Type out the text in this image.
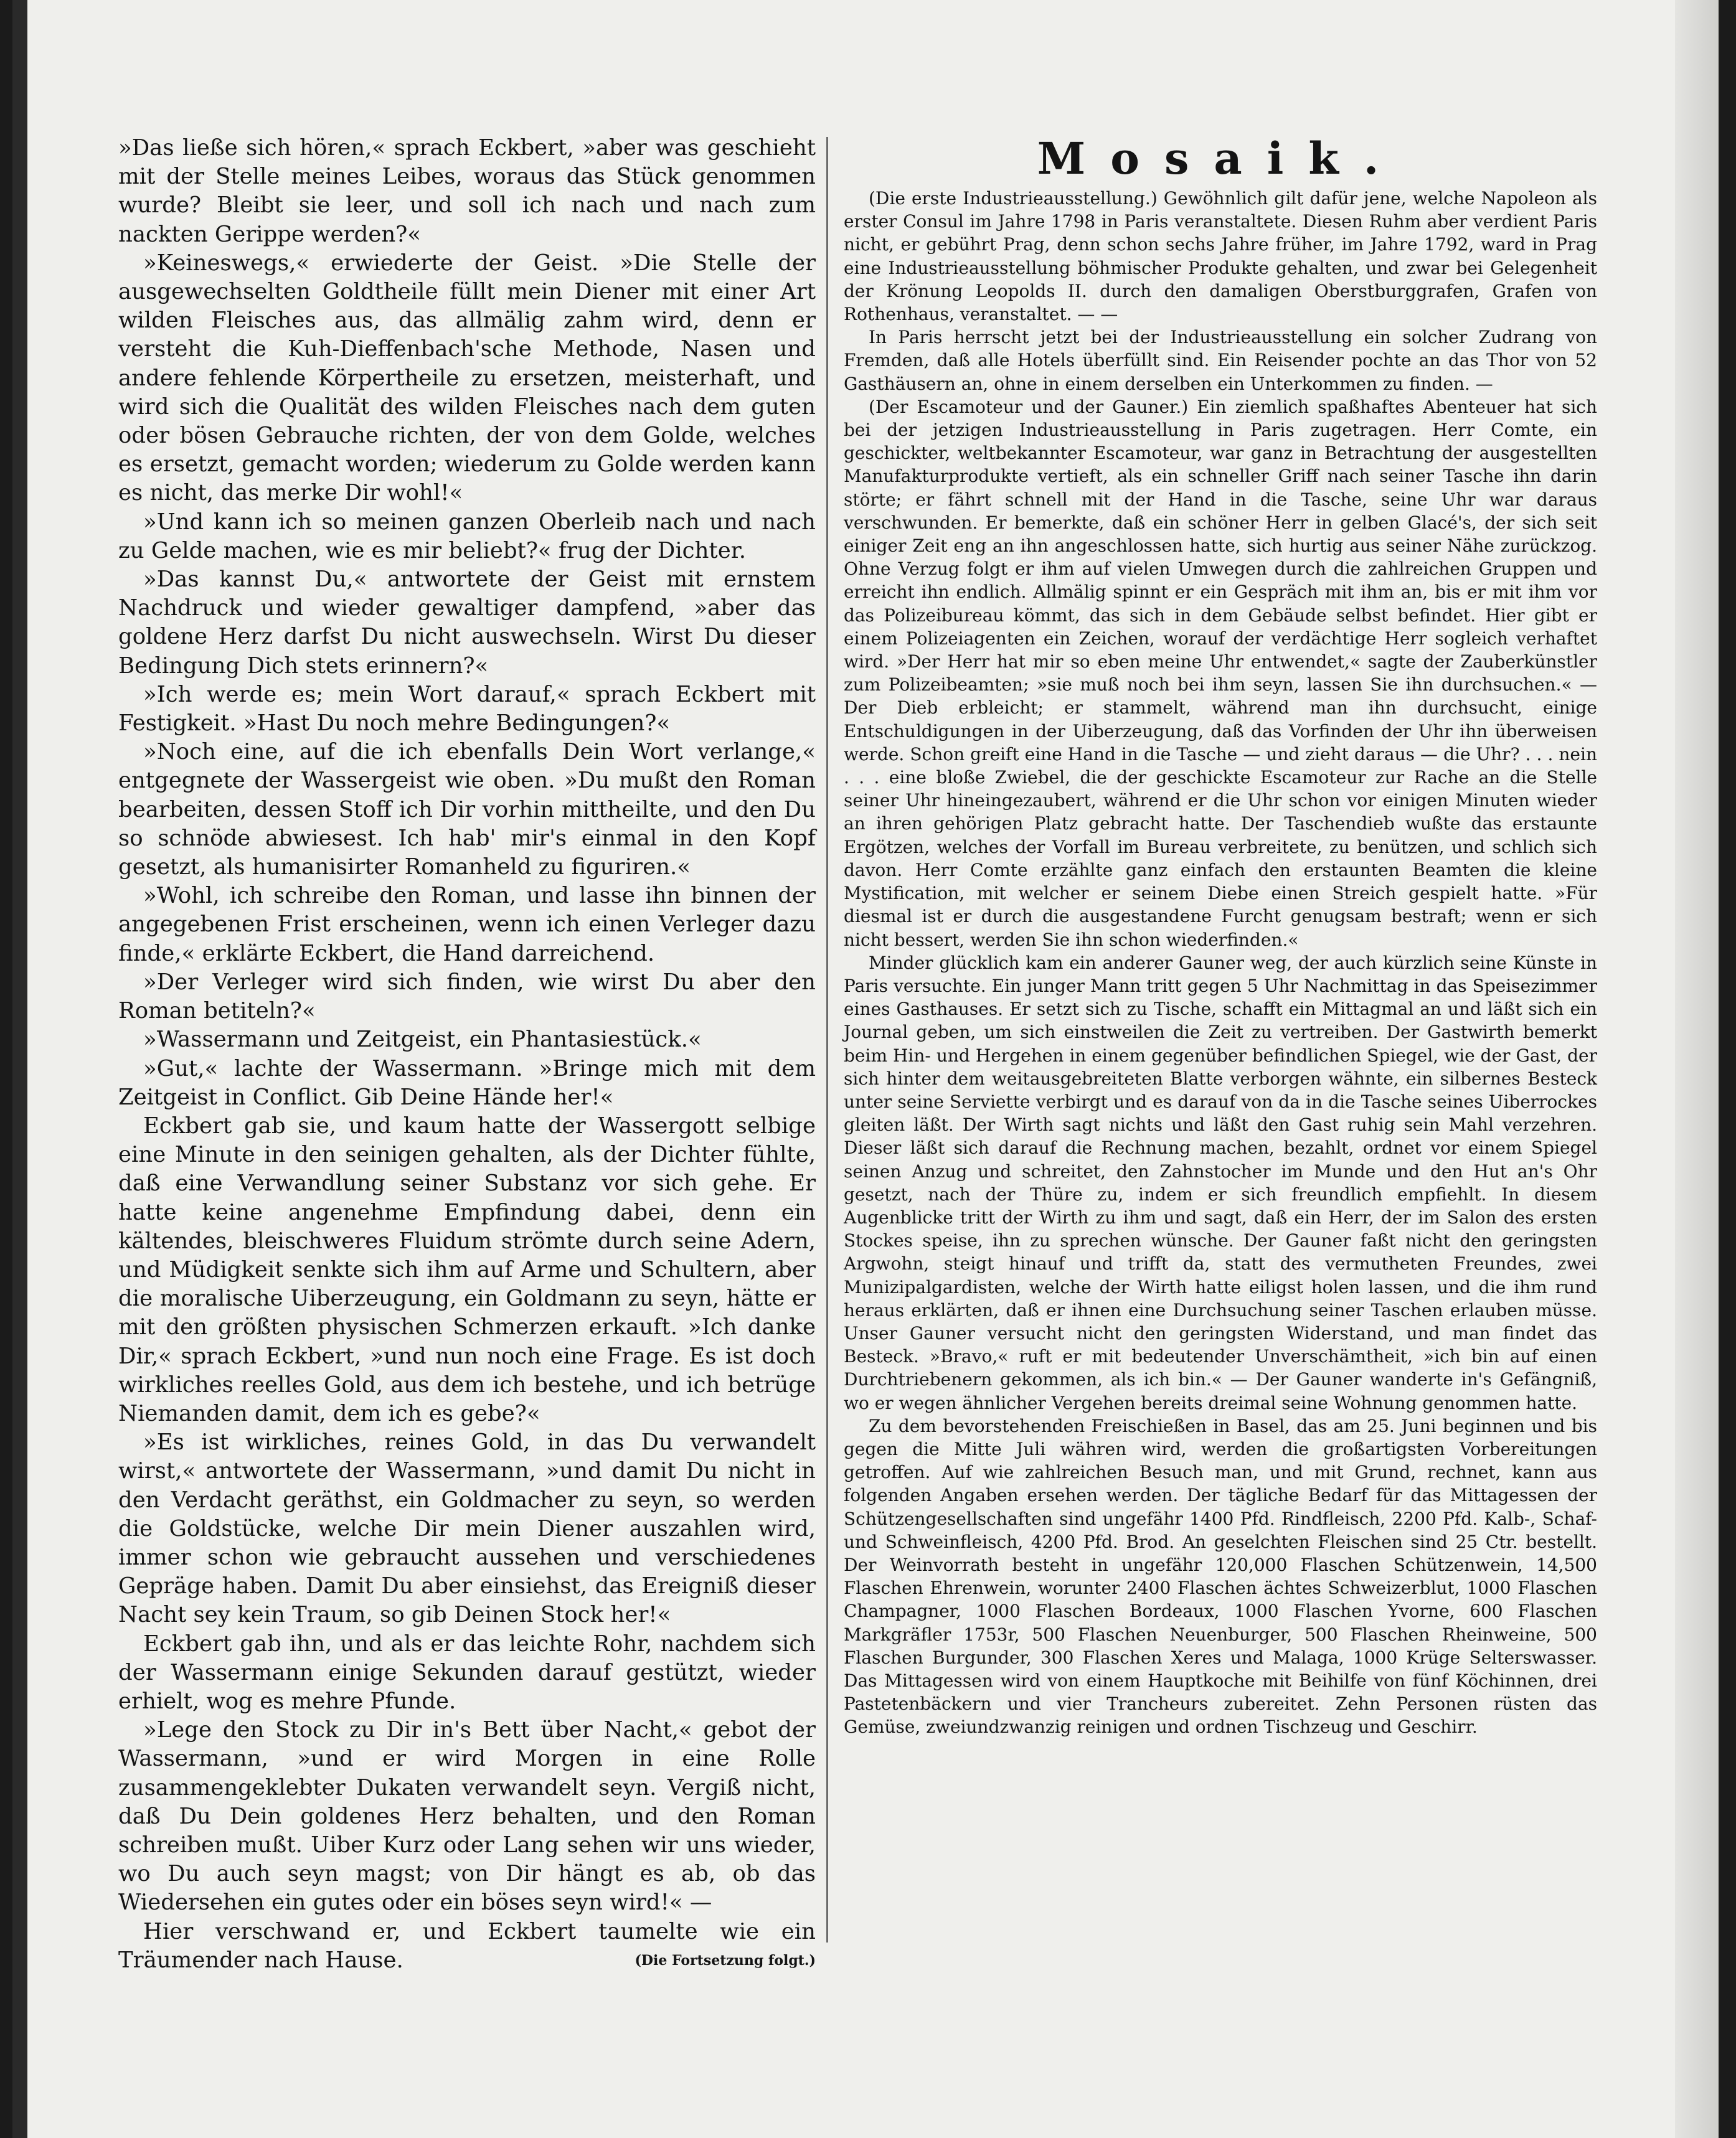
»Das ließe sich hören,« sprach Eckbert, »aber was geschieht mit der Stelle meines Leibes, woraus das Stück genommen wurde? Bleibt sie leer, und soll ich nach und nach zum nackten Gerippe werden?«

»Keineswegs,« erwiederte der Geist. »Die Stelle der ausgewechselten Goldtheile füllt mein Diener mit einer Art wilden Fleisches aus, das allmälig zahm wird, denn er versteht die Kuh-Dieffenbach'sche Methode, Nasen und andere fehlende Körpertheile zu ersetzen, meisterhaft, und wird sich die Qualität des wilden Fleisches nach dem guten oder bösen Gebrauche richten, der von dem Golde, welches es ersetzt, gemacht worden; wiederum zu Golde werden kann es nicht, das merke Dir wohl!«

»Und kann ich so meinen ganzen Oberleib nach und nach zu Gelde machen, wie es mir beliebt?« frug der Dichter.

»Das kannst Du,« antwortete der Geist mit ernstem Nachdruck und wieder gewaltiger dampfend, »aber das goldene Herz darfst Du nicht auswechseln. Wirst Du dieser Bedingung Dich stets erinnern?«

»Ich werde es; mein Wort darauf,« sprach Eckbert mit Festigkeit. »Hast Du noch mehre Bedingungen?«

»Noch eine, auf die ich ebenfalls Dein Wort verlange,« entgegnete der Wassergeist wie oben. »Du mußt den Roman bearbeiten, dessen Stoff ich Dir vorhin mittheilte, und den Du so schnöde abwiesest. Ich hab' mir's einmal in den Kopf gesetzt, als humanisirter Romanheld zu figuriren.«

»Wohl, ich schreibe den Roman, und lasse ihn binnen der angegebenen Frist erscheinen, wenn ich einen Verleger dazu finde,« erklärte Eckbert, die Hand darreichend.

»Der Verleger wird sich finden, wie wirst Du aber den Roman betiteln?«

»Wassermann und Zeitgeist, ein Phantasiestück.«

»Gut,« lachte der Wassermann. »Bringe mich mit dem Zeitgeist in Conflict. Gib Deine Hände her!«

Eckbert gab sie, und kaum hatte der Wassergott selbige eine Minute in den seinigen gehalten, als der Dichter fühlte, daß eine Verwandlung seiner Substanz vor sich gehe. Er hatte keine angenehme Empfindung dabei, denn ein kältendes, bleischweres Fluidum strömte durch seine Adern, und Müdigkeit senkte sich ihm auf Arme und Schultern, aber die moralische Uiberzeugung, ein Goldmann zu seyn, hätte er mit den größten physischen Schmerzen erkauft. »Ich danke Dir,« sprach Eckbert, »und nun noch eine Frage. Es ist doch wirkliches reelles Gold, aus dem ich bestehe, und ich betrüge Niemanden damit, dem ich es gebe?«

»Es ist wirkliches, reines Gold, in das Du verwandelt wirst,« antwortete der Wassermann, »und damit Du nicht in den Verdacht geräthst, ein Goldmacher zu seyn, so werden die Goldstücke, welche Dir mein Diener auszahlen wird, immer schon wie gebraucht aussehen und verschiedenes Gepräge haben. Damit Du aber einsiehst, das Ereigniß dieser Nacht sey kein Traum, so gib Deinen Stock her!«

Eckbert gab ihn, und als er das leichte Rohr, nachdem sich der Wassermann einige Sekunden darauf gestützt, wieder erhielt, wog es mehre Pfunde.

»Lege den Stock zu Dir in's Bett über Nacht,« gebot der Wassermann, »und er wird Morgen in eine Rolle zusammengeklebter Dukaten verwandelt seyn. Vergiß nicht, daß Du Dein goldenes Herz behalten, und den Roman schreiben mußt. Uiber Kurz oder Lang sehen wir uns wieder, wo Du auch seyn magst; von Dir hängt es ab, ob das Wiedersehen ein gutes oder ein böses seyn wird!« —

Hier verschwand er, und Eckbert taumelte wie ein Träumender nach Hause.	(Die Fortsetzung folgt.)

Mosaik.

(Die erste Industrieausstellung.) Gewöhnlich gilt dafür jene, welche Napoleon als erster Consul im Jahre 1798 in Paris veranstaltete. Diesen Ruhm aber verdient Paris nicht, er gebührt Prag, denn schon sechs Jahre früher, im Jahre 1792, ward in Prag eine Industrieausstellung böhmischer Produkte gehalten, und zwar bei Gelegenheit der Krönung Leopolds II. durch den damaligen Oberstburggrafen, Grafen von Rothenhaus, veranstaltet. — —

In Paris herrscht jetzt bei der Industrieausstellung ein solcher Zudrang von Fremden, daß alle Hotels überfüllt sind. Ein Reisender pochte an das Thor von 52 Gasthäusern an, ohne in einem derselben ein Unterkommen zu finden. —

(Der Escamoteur und der Gauner.) Ein ziemlich spaßhaftes Abenteuer hat sich bei der jetzigen Industrieausstellung in Paris zugetragen. Herr Comte, ein geschickter, weltbekannter Escamoteur, war ganz in Betrachtung der ausgestellten Manufakturprodukte vertieft, als ein schneller Griff nach seiner Tasche ihn darin störte; er fährt schnell mit der Hand in die Tasche, seine Uhr war daraus verschwunden. Er bemerkte, daß ein schöner Herr in gelben Glacé's, der sich seit einiger Zeit eng an ihn angeschlossen hatte, sich hurtig aus seiner Nähe zurückzog. Ohne Verzug folgt er ihm auf vielen Umwegen durch die zahlreichen Gruppen und erreicht ihn endlich. Allmälig spinnt er ein Gespräch mit ihm an, bis er mit ihm vor das Polizeibureau kömmt, das sich in dem Gebäude selbst befindet. Hier gibt er einem Polizeiagenten ein Zeichen, worauf der verdächtige Herr sogleich verhaftet wird. »Der Herr hat mir so eben meine Uhr entwendet,« sagte der Zauberkünstler zum Polizeibeamten; »sie muß noch bei ihm seyn, lassen Sie ihn durchsuchen.« — Der Dieb erbleicht; er stammelt, während man ihn durchsucht, einige Entschuldigungen in der Uiberzeugung, daß das Vorfinden der Uhr ihn überweisen werde. Schon greift eine Hand in die Tasche — und zieht daraus — die Uhr? . . . nein . . . eine bloße Zwiebel, die der geschickte Escamoteur zur Rache an die Stelle seiner Uhr hineingezaubert, während er die Uhr schon vor einigen Minuten wieder an ihren gehörigen Platz gebracht hatte. Der Taschendieb wußte das erstaunte Ergötzen, welches der Vorfall im Bureau verbreitete, zu benützen, und schlich sich davon. Herr Comte erzählte ganz einfach den erstaunten Beamten die kleine Mystification, mit welcher er seinem Diebe einen Streich gespielt hatte. »Für diesmal ist er durch die ausgestandene Furcht genugsam bestraft; wenn er sich nicht bessert, werden Sie ihn schon wiederfinden.«

Minder glücklich kam ein anderer Gauner weg, der auch kürzlich seine Künste in Paris versuchte. Ein junger Mann tritt gegen 5 Uhr Nachmittag in das Speisezimmer eines Gasthauses. Er setzt sich zu Tische, schafft ein Mittagmal an und läßt sich ein Journal geben, um sich einstweilen die Zeit zu vertreiben. Der Gastwirth bemerkt beim Hin- und Hergehen in einem gegenüber befindlichen Spiegel, wie der Gast, der sich hinter dem weitausgebreiteten Blatte verborgen wähnte, ein silbernes Besteck unter seine Serviette verbirgt und es darauf von da in die Tasche seines Uiberrockes gleiten läßt. Der Wirth sagt nichts und läßt den Gast ruhig sein Mahl verzehren. Dieser läßt sich darauf die Rechnung machen, bezahlt, ordnet vor einem Spiegel seinen Anzug und schreitet, den Zahnstocher im Munde und den Hut an's Ohr gesetzt, nach der Thüre zu, indem er sich freundlich empfiehlt. In diesem Augenblicke tritt der Wirth zu ihm und sagt, daß ein Herr, der im Salon des ersten Stockes speise, ihn zu sprechen wünsche. Der Gauner faßt nicht den geringsten Argwohn, steigt hinauf und trifft da, statt des vermutheten Freundes, zwei Munizipalgardisten, welche der Wirth hatte eiligst holen lassen, und die ihm rund heraus erklärten, daß er ihnen eine Durchsuchung seiner Taschen erlauben müsse. Unser Gauner versucht nicht den geringsten Widerstand, und man findet das Besteck. »Bravo,« ruft er mit bedeutender Unverschämtheit, »ich bin auf einen Durchtriebenern gekommen, als ich bin.« — Der Gauner wanderte in's Gefängniß, wo er wegen ähnlicher Vergehen bereits dreimal seine Wohnung genommen hatte.

Zu dem bevorstehenden Freischießen in Basel, das am 25. Juni beginnen und bis gegen die Mitte Juli währen wird, werden die großartigsten Vorbereitungen getroffen. Auf wie zahlreichen Besuch man, und mit Grund, rechnet, kann aus folgenden Angaben ersehen werden. Der tägliche Bedarf für das Mittagessen der Schützengesellschaften sind ungefähr 1400 Pfd. Rindfleisch, 2200 Pfd. Kalb-, Schaf- und Schweinfleisch, 4200 Pfd. Brod. An geselchten Fleischen sind 25 Ctr. bestellt. Der Weinvorrath besteht in ungefähr 120,000 Flaschen Schützenwein, 14,500 Flaschen Ehrenwein, worunter 2400 Flaschen ächtes Schweizerblut, 1000 Flaschen Champagner, 1000 Flaschen Bordeaux, 1000 Flaschen Yvorne, 600 Flaschen Markgräfler 1753r, 500 Flaschen Neuenburger, 500 Flaschen Rheinweine, 500 Flaschen Burgunder, 300 Flaschen Xeres und Malaga, 1000 Krüge Selterswasser. Das Mittagessen wird von einem Hauptkoche mit Beihilfe von fünf Köchinnen, drei Pastetenbäckern und vier Trancheurs zubereitet. Zehn Personen rüsten das Gemüse, zweiundzwanzig reinigen und ordnen Tischzeug und Geschirr.
